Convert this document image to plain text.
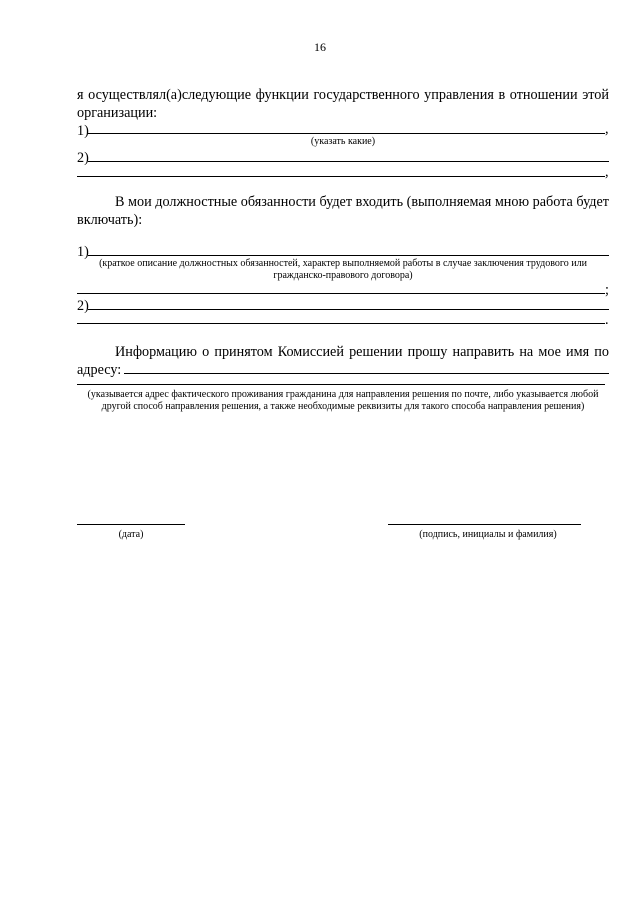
16
я осуществлял(а)следующие функции государственного управления в отношении этой организации:
1)	,
(указать какие)
2)
,
В мои должностные обязанности будет входить (выполняемая мною работа будет включать):
1)
(краткое описание должностных обязанностей, характер выполняемой работы в случае заключения трудового или гражданско-правового договора)
;
2)
.
Информацию о принятом Комиссией решении прошу направить на мое имя по адресу:
(указывается адрес фактического проживания гражданина для направления решения по почте, либо указывается любой другой способ направления решения, а также необходимые реквизиты для такого способа направления решения)
(дата)	(подпись, инициалы и фамилия)
